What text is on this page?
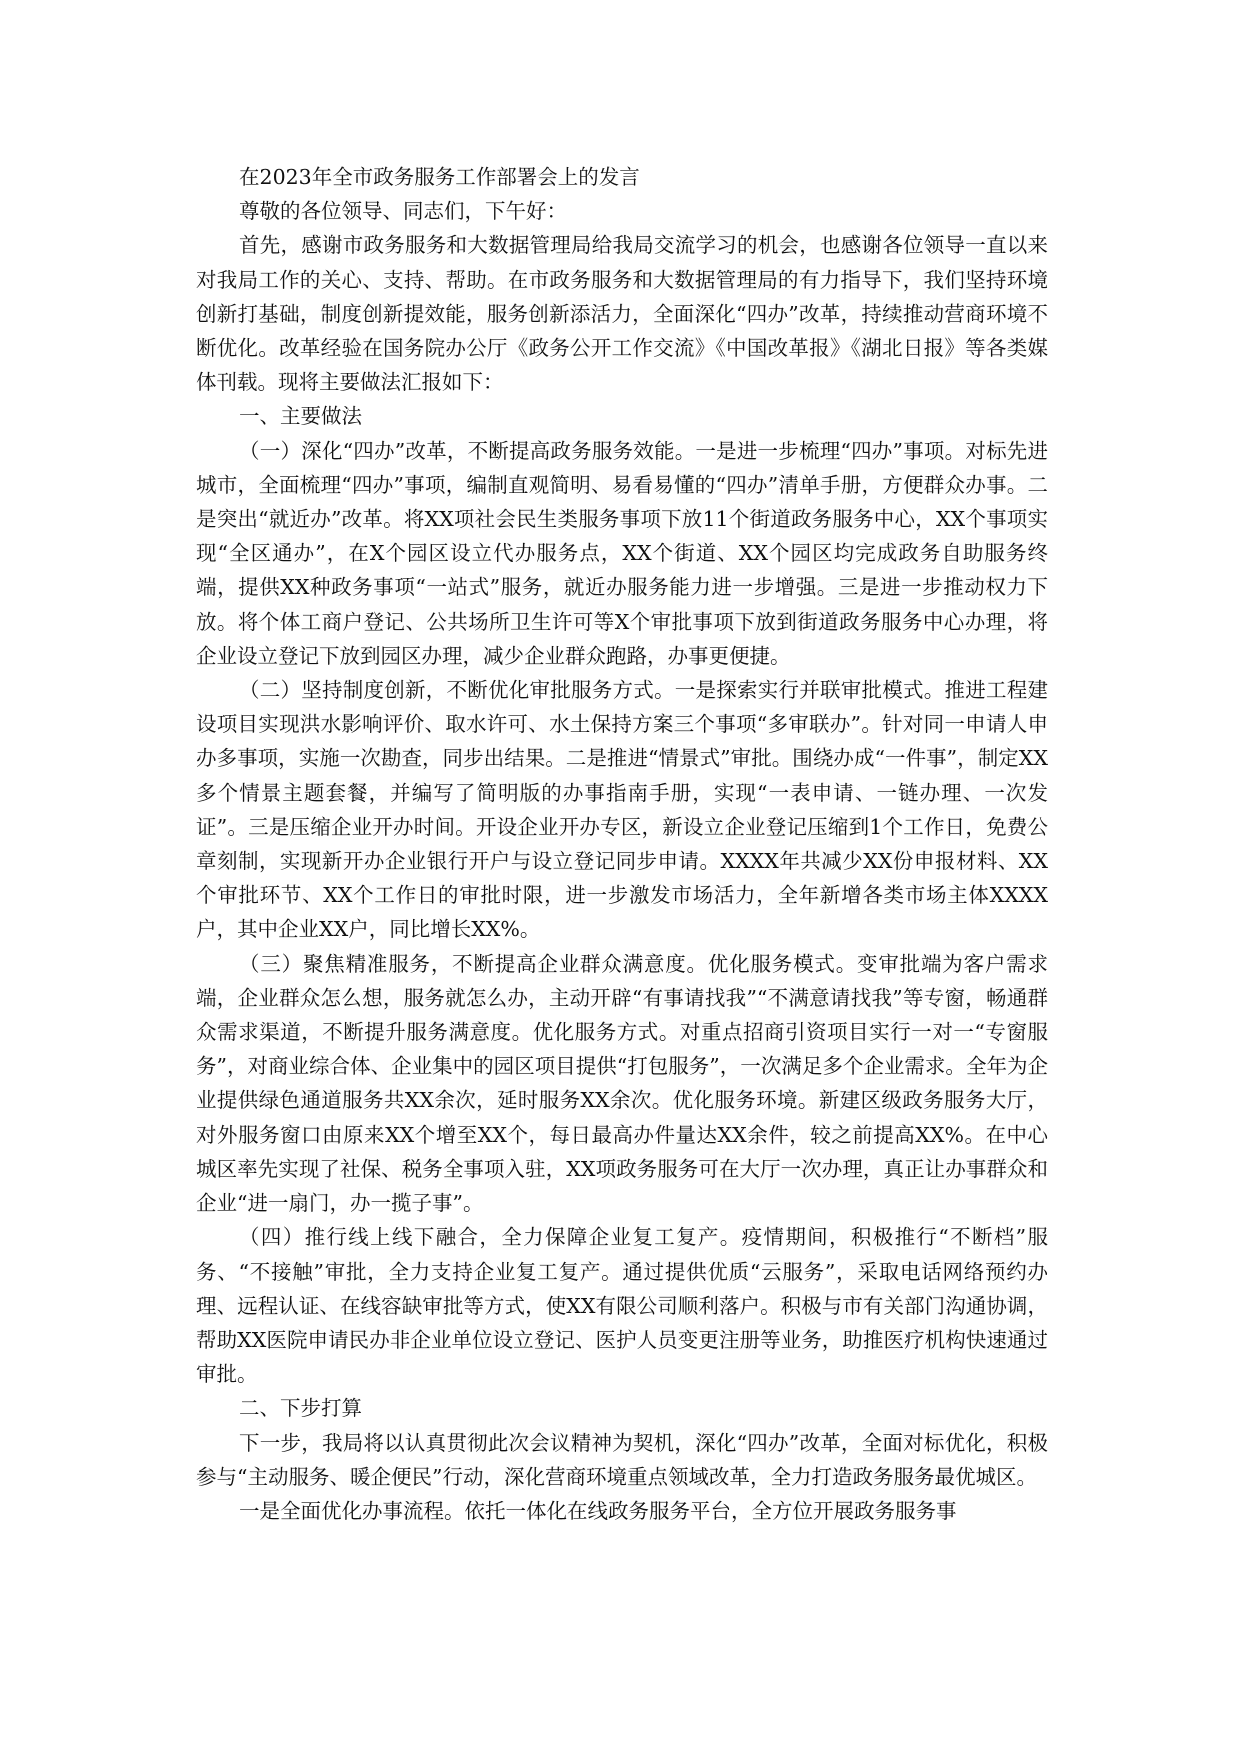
在2023年全市政务服务工作部署会上的发言

尊敬的各位领导、同志们，下午好：

首先，感谢市政务服务和大数据管理局给我局交流学习的机会，也感谢各位领导一直以来对我局工作的关心、支持、帮助。在市政务服务和大数据管理局的有力指导下，我们坚持环境创新打基础，制度创新提效能，服务创新添活力，全面深化“四办”改革，持续推动营商环境不断优化。改革经验在国务院办公厅《政务公开工作交流》《中国改革报》《湖北日报》等各类媒体刊载。现将主要做法汇报如下：

一、主要做法

（一）深化“四办”改革，不断提高政务服务效能。一是进一步梳理“四办”事项。对标先进城市，全面梳理“四办”事项，编制直观简明、易看易懂的“四办”清单手册，方便群众办事。二是突出“就近办”改革。将XX项社会民生类服务事项下放11个街道政务服务中心，XX个事项实现“全区通办”，在X个园区设立代办服务点，XX个街道、XX个园区均完成政务自助服务终端，提供XX种政务事项“一站式”服务，就近办服务能力进一步增强。三是进一步推动权力下放。将个体工商户登记、公共场所卫生许可等X个审批事项下放到街道政务服务中心办理，将企业设立登记下放到园区办理，减少企业群众跑路，办事更便捷。

（二）坚持制度创新，不断优化审批服务方式。一是探索实行并联审批模式。推进工程建设项目实现洪水影响评价、取水许可、水土保持方案三个事项“多审联办”。针对同一申请人申办多事项，实施一次勘查，同步出结果。二是推进“情景式”审批。围绕办成“一件事”，制定XX多个情景主题套餐，并编写了简明版的办事指南手册，实现“一表申请、一链办理、一次发证”。三是压缩企业开办时间。开设企业开办专区，新设立企业登记压缩到1个工作日，免费公章刻制，实现新开办企业银行开户与设立登记同步申请。XXXX年共减少XX份申报材料、XX个审批环节、XX个工作日的审批时限，进一步激发市场活力，全年新增各类市场主体XXXX户，其中企业XX户，同比增长XX%。

（三）聚焦精准服务，不断提高企业群众满意度。优化服务模式。变审批端为客户需求端，企业群众怎么想，服务就怎么办，主动开辟“有事请找我”“不满意请找我”等专窗，畅通群众需求渠道，不断提升服务满意度。优化服务方式。对重点招商引资项目实行一对一“专窗服务”，对商业综合体、企业集中的园区项目提供“打包服务”，一次满足多个企业需求。全年为企业提供绿色通道服务共XX余次，延时服务XX余次。优化服务环境。新建区级政务服务大厅，对外服务窗口由原来XX个增至XX个，每日最高办件量达XX余件，较之前提高XX%。在中心城区率先实现了社保、税务全事项入驻，XX项政务服务可在大厅一次办理，真正让办事群众和企业“进一扇门，办一揽子事”。

（四）推行线上线下融合，全力保障企业复工复产。疫情期间，积极推行“不断档”服务、“不接触”审批，全力支持企业复工复产。通过提供优质“云服务”，采取电话网络预约办理、远程认证、在线容缺审批等方式，使XX有限公司顺利落户。积极与市有关部门沟通协调，帮助XX医院申请民办非企业单位设立登记、医护人员变更注册等业务，助推医疗机构快速通过审批。

二、下步打算

下一步，我局将以认真贯彻此次会议精神为契机，深化“四办”改革，全面对标优化，积极参与“主动服务、暖企便民”行动，深化营商环境重点领域改革，全力打造政务服务最优城区。

一是全面优化办事流程。依托一体化在线政务服务平台，全方位开展政务服务事
